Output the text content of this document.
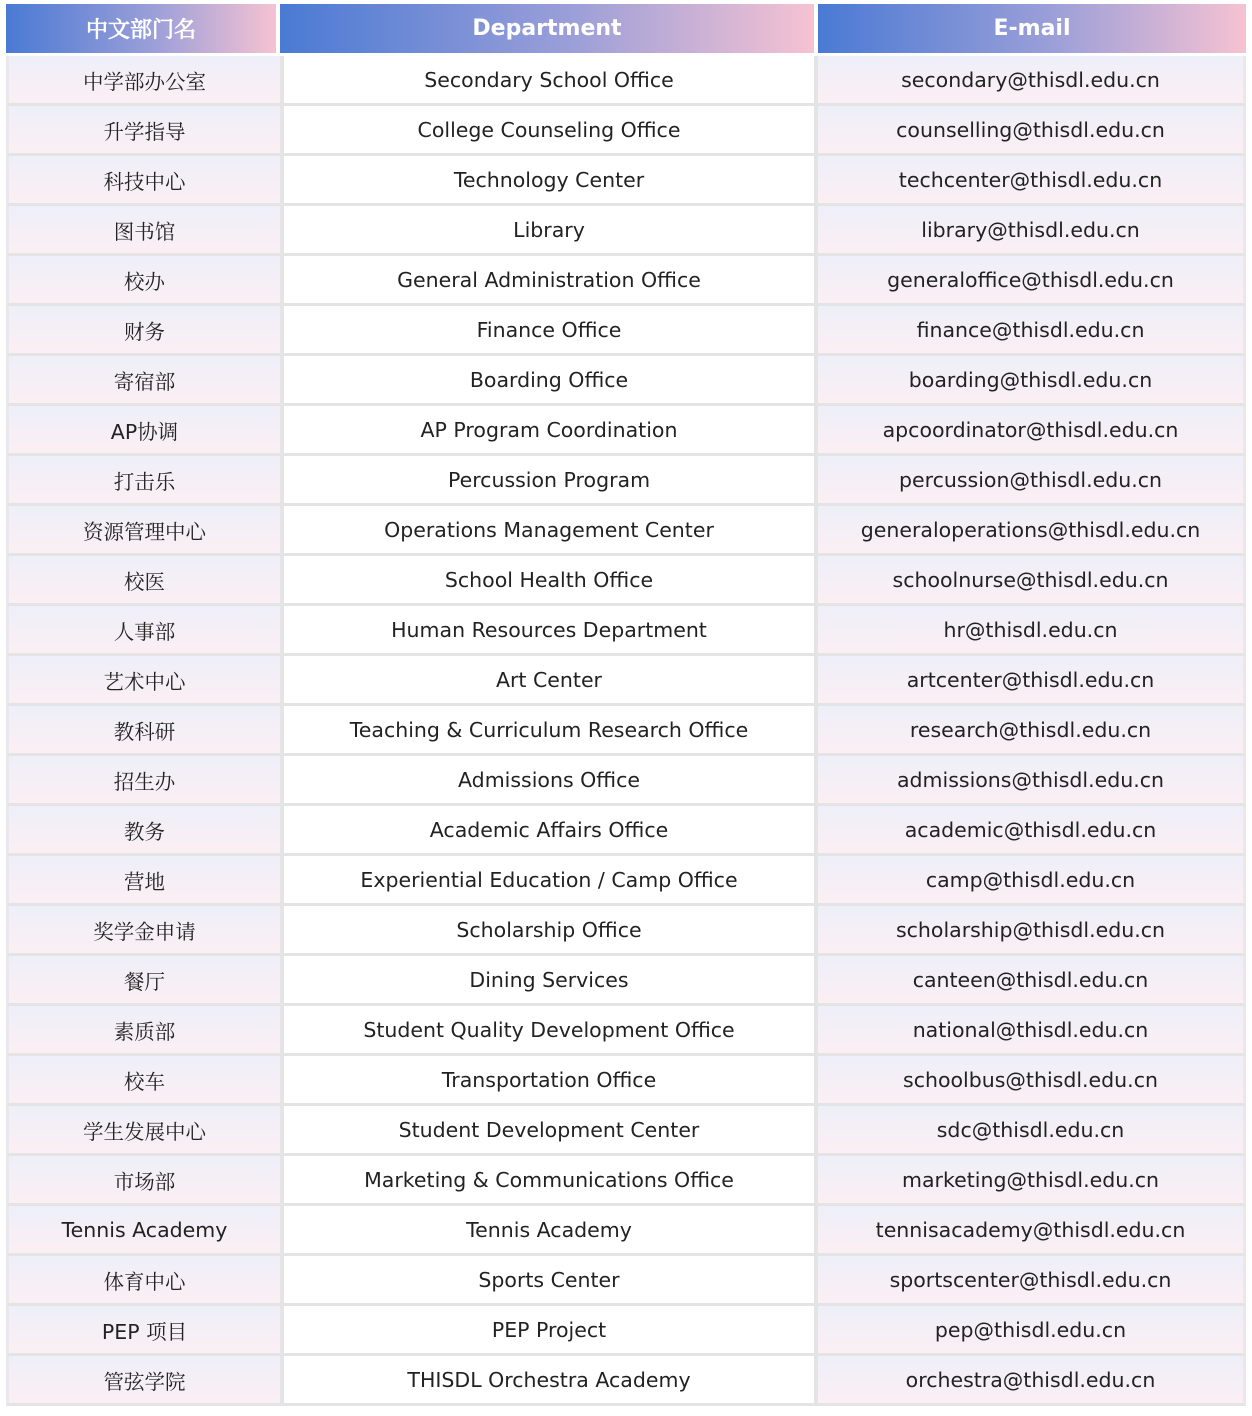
中文部门名	Department	E-mail
中学部办公室	Secondary School Office	secondary@thisdl.edu.cn
升学指导	College Counseling Office	counselling@thisdl.edu.cn
科技中心	Technology Center	techcenter@thisdl.edu.cn
图书馆	Library	library@thisdl.edu.cn
校办	General Administration Office	generaloffice@thisdl.edu.cn
财务	Finance Office	finance@thisdl.edu.cn
寄宿部	Boarding Office	boarding@thisdl.edu.cn
AP协调	AP Program Coordination	apcoordinator@thisdl.edu.cn
打击乐	Percussion Program	percussion@thisdl.edu.cn
资源管理中心	Operations Management Center	generaloperations@thisdl.edu.cn
校医	School Health Office	schoolnurse@thisdl.edu.cn
人事部	Human Resources Department	hr@thisdl.edu.cn
艺术中心	Art Center	artcenter@thisdl.edu.cn
教科研	Teaching & Curriculum Research Office	research@thisdl.edu.cn
招生办	Admissions Office	admissions@thisdl.edu.cn
教务	Academic Affairs Office	academic@thisdl.edu.cn
营地	Experiential Education / Camp Office	camp@thisdl.edu.cn
奖学金申请	Scholarship Office	scholarship@thisdl.edu.cn
餐厅	Dining Services	canteen@thisdl.edu.cn
素质部	Student Quality Development Office	national@thisdl.edu.cn
校车	Transportation Office	schoolbus@thisdl.edu.cn
学生发展中心	Student Development Center	sdc@thisdl.edu.cn
市场部	Marketing & Communications Office	marketing@thisdl.edu.cn
Tennis Academy	Tennis Academy	tennisacademy@thisdl.edu.cn
体育中心	Sports Center	sportscenter@thisdl.edu.cn
PEP 项目	PEP Project	pep@thisdl.edu.cn
管弦学院	THISDL Orchestra Academy	orchestra@thisdl.edu.cn
